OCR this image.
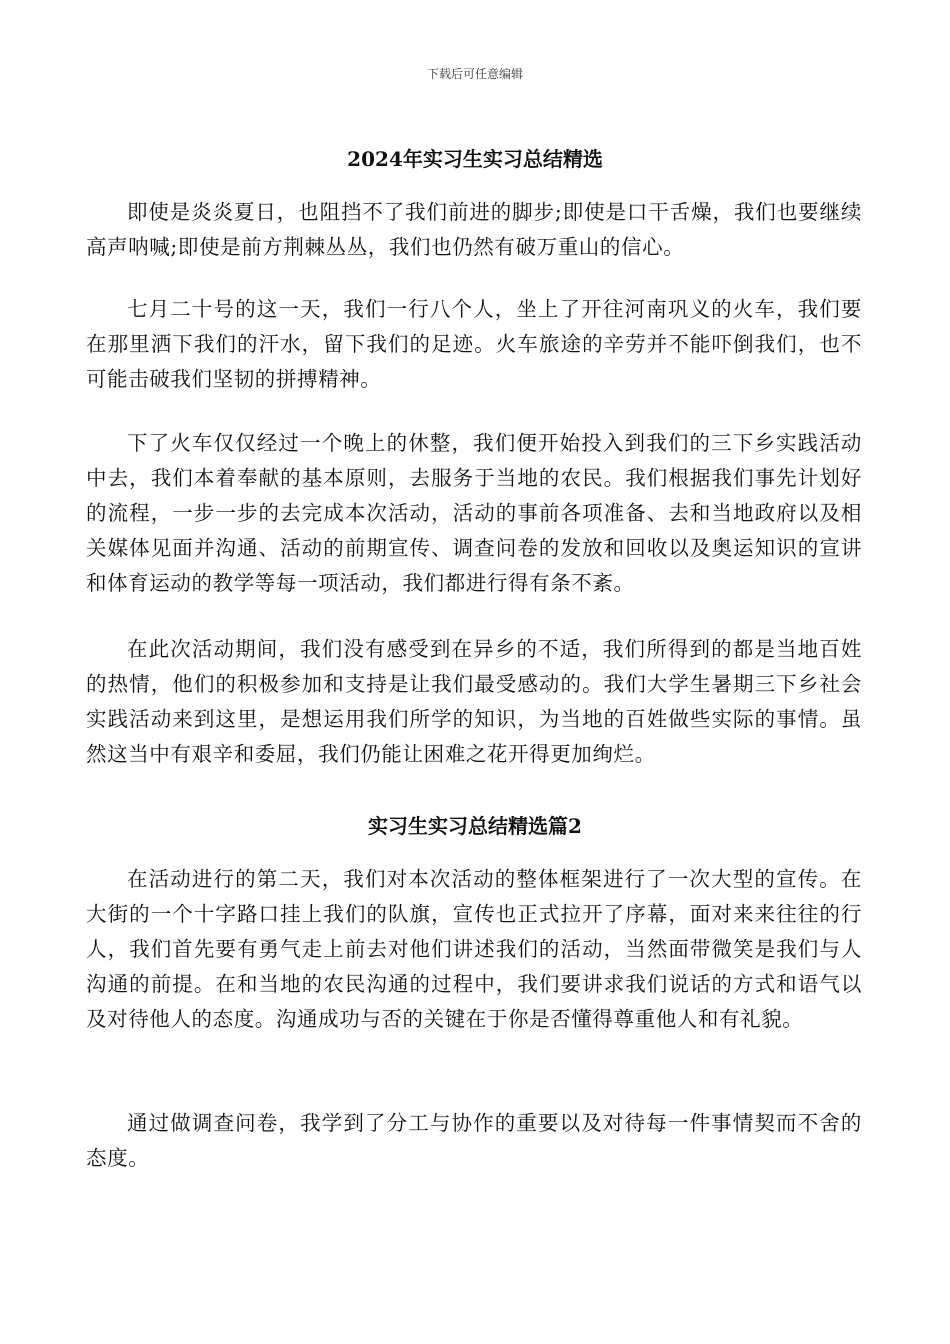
下载后可任意编辑
2024年实习生实习总结精选

即使是炎炎夏日，也阻挡不了我们前进的脚步;即使是口干舌燥，我们也要继续高声呐喊;即使是前方荆棘丛丛，我们也仍然有破万重山的信心。

七月二十号的这一天，我们一行八个人，坐上了开往河南巩义的火车，我们要在那里洒下我们的汗水，留下我们的足迹。火车旅途的辛劳并不能吓倒我们，也不可能击破我们坚韧的拼搏精神。

下了火车仅仅经过一个晚上的休整，我们便开始投入到我们的三下乡实践活动中去，我们本着奉献的基本原则，去服务于当地的农民。我们根据我们事先计划好的流程，一步一步的去完成本次活动，活动的事前各项准备、去和当地政府以及相关媒体见面并沟通、活动的前期宣传、调查问卷的发放和回收以及奥运知识的宣讲和体育运动的教学等每一项活动，我们都进行得有条不紊。

在此次活动期间，我们没有感受到在异乡的不适，我们所得到的都是当地百姓的热情，他们的积极参加和支持是让我们最受感动的。我们大学生暑期三下乡社会实践活动来到这里，是想运用我们所学的知识，为当地的百姓做些实际的事情。虽然这当中有艰辛和委屈，我们仍能让困难之花开得更加绚烂。

实习生实习总结精选篇2

在活动进行的第二天，我们对本次活动的整体框架进行了一次大型的宣传。在大街的一个十字路口挂上我们的队旗，宣传也正式拉开了序幕，面对来来往往的行人，我们首先要有勇气走上前去对他们讲述我们的活动，当然面带微笑是我们与人沟通的前提。在和当地的农民沟通的过程中，我们要讲求我们说话的方式和语气以及对待他人的态度。沟通成功与否的关键在于你是否懂得尊重他人和有礼貌。

通过做调查问卷，我学到了分工与协作的重要以及对待每一件事情契而不舍的态度。
